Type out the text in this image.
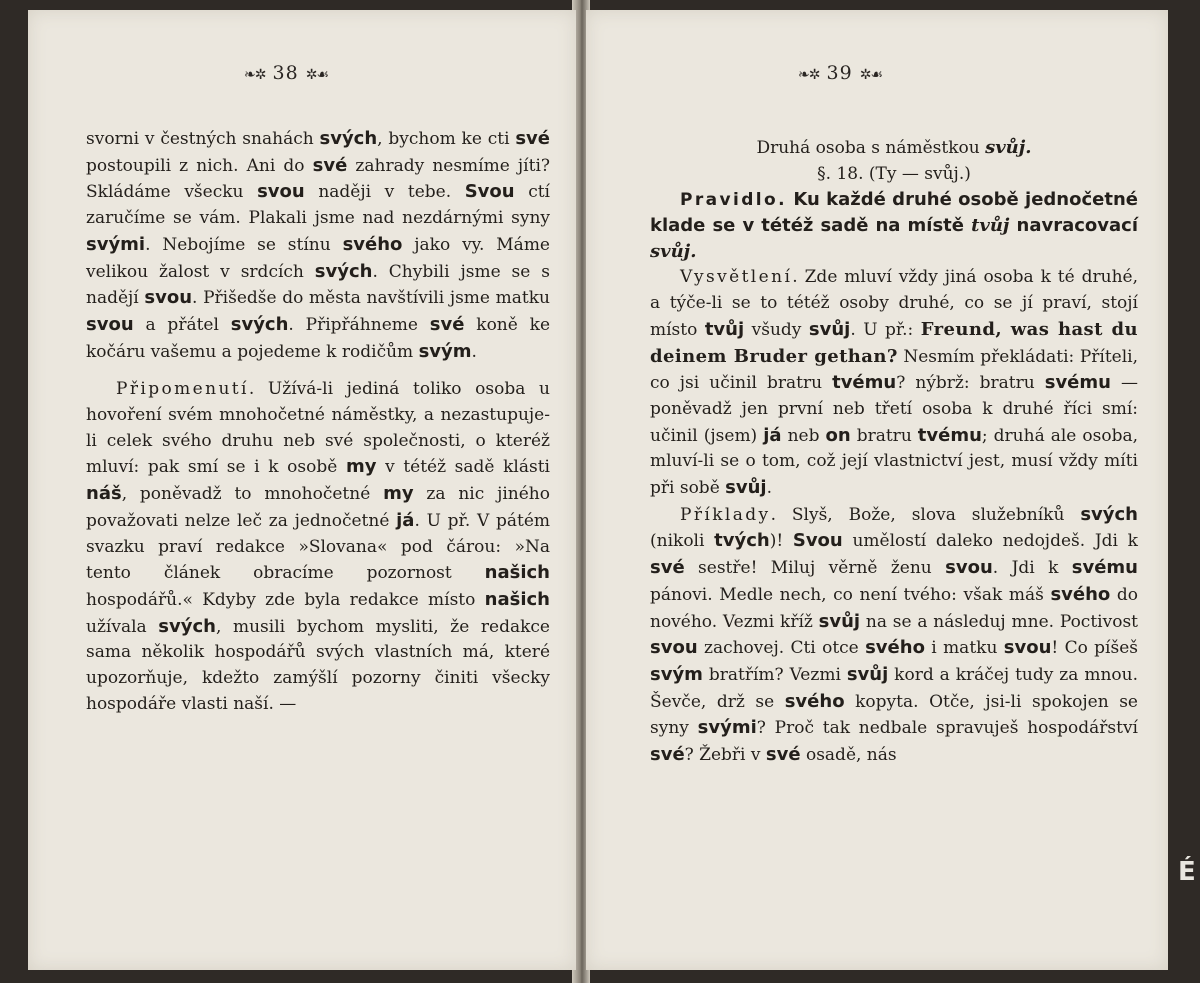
❧✲ 38 ✲☙

svorni v čestných snahách svých, bychom ke cti své postoupili z nich. Ani do své zahrady nesmíme jíti? Skládáme všecku svou naději v tebe. Svou ctí zaručíme se vám. Plakali jsme nad nezdárnými syny svými. Nebojíme se stínu svého jako vy. Máme velikou žalost v srdcích svých. Chybili jsme se s nadějí svou. Přišedše do města navštívili jsme matku svou a přátel svých. Připřáhneme své koně ke kočáru vašemu a pojedeme k rodičům svým.

Připomenutí. Užívá-li jediná toliko osoba u hovoření svém mnohočetné náměstky, a nezastupuje-li celek svého druhu neb své společnosti, o kteréž mluví: pak smí se i k osobě my v tétéž sadě klásti náš, poněvadž to mnohočetné my za nic jiného považovati nelze leč za jednočetné já. U př. V pátém svazku praví redakce »Slovana« pod čárou: »Na tento článek obracíme pozornost našich hospodářů.« Kdyby zde byla redakce místo našich užívala svých, musili bychom mysliti, že redakce sama několik hospodářů svých vlastních má, které upozorňuje, kdežto zamýšlí pozorny činiti všecky hospodáře vlasti naší. —

❧✲ 39 ✲☙

Druhá osoba s náměstkou svůj.

§. 18. (Ty — svůj.)

Pravidlo. Ku každé druhé osobě jednočetné klade se v tétéž sadě na místě tvůj navracovací svůj.

Vysvětlení. Zde mluví vždy jiná osoba k té druhé, a týče-li se to tétéž osoby druhé, co se jí praví, stojí místo tvůj všudy svůj. U př.: Freund, was hast du deinem Bruder gethan? Nesmím překládati: Příteli, co jsi učinil bratru tvému? nýbrž: bratru svému — poněvadž jen první neb třetí osoba k druhé říci smí: učinil (jsem) já neb on bratru tvému; druhá ale osoba, mluví-li se o tom, což její vlastnictví jest, musí vždy míti při sobě svůj.

Příklady. Slyš, Bože, slova služebníků svých (nikoli tvých)! Svou umělostí daleko nedojdeš. Jdi k své sestře! Miluj věrně ženu svou. Jdi k svému pánovi. Medle nech, co není tvého: však máš svého do nového. Vezmi kříž svůj na se a následuj mne. Poctivost svou zachovej. Cti otce svého i matku svou! Co píšeš svým bratřím? Vezmi svůj kord a kráčej tudy za mnou. Ševče, drž se svého kopyta. Otče, jsi-li spokojen se syny svými? Proč tak nedbale spravuješ hospodářství své? Žebři v své osadě, nás

É
